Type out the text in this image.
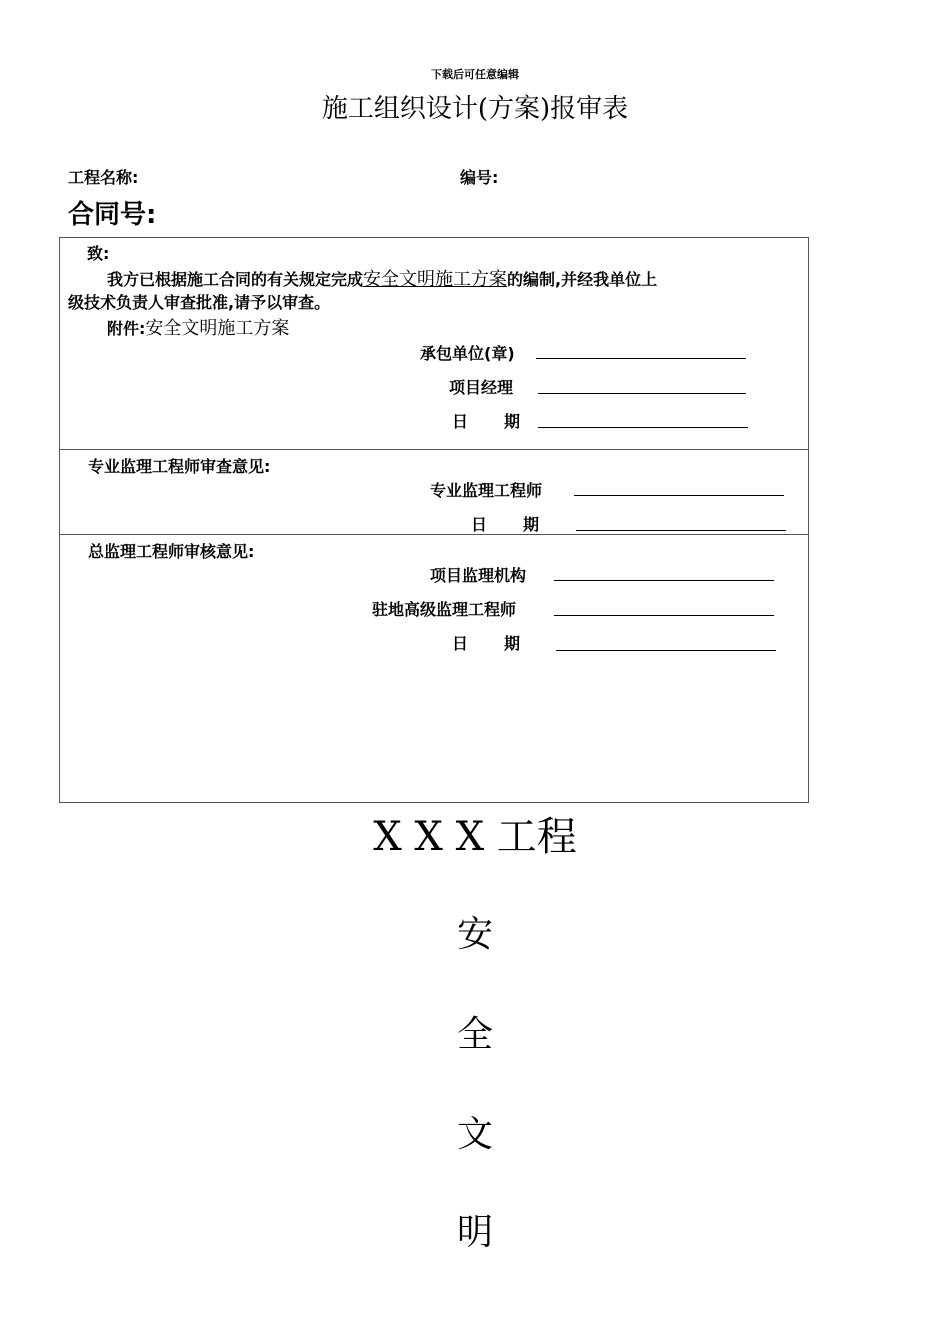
下载后可任意编辑
施工组织设计(方案)报审表
工程名称:	编号:
合同号:
致:
我方已根据施工合同的有关规定完成安全文明施工方案的编制,并经我单位上
级技术负责人审查批准,请予以审查。
附件:安全文明施工方案
承包单位(章)
项目经理
日 期
专业监理工程师审查意见:
专业监理工程师
日 期
总监理工程师审核意见:
项目监理机构
驻地高级监理工程师
日 期
X X X 工程
安
全
文
明
